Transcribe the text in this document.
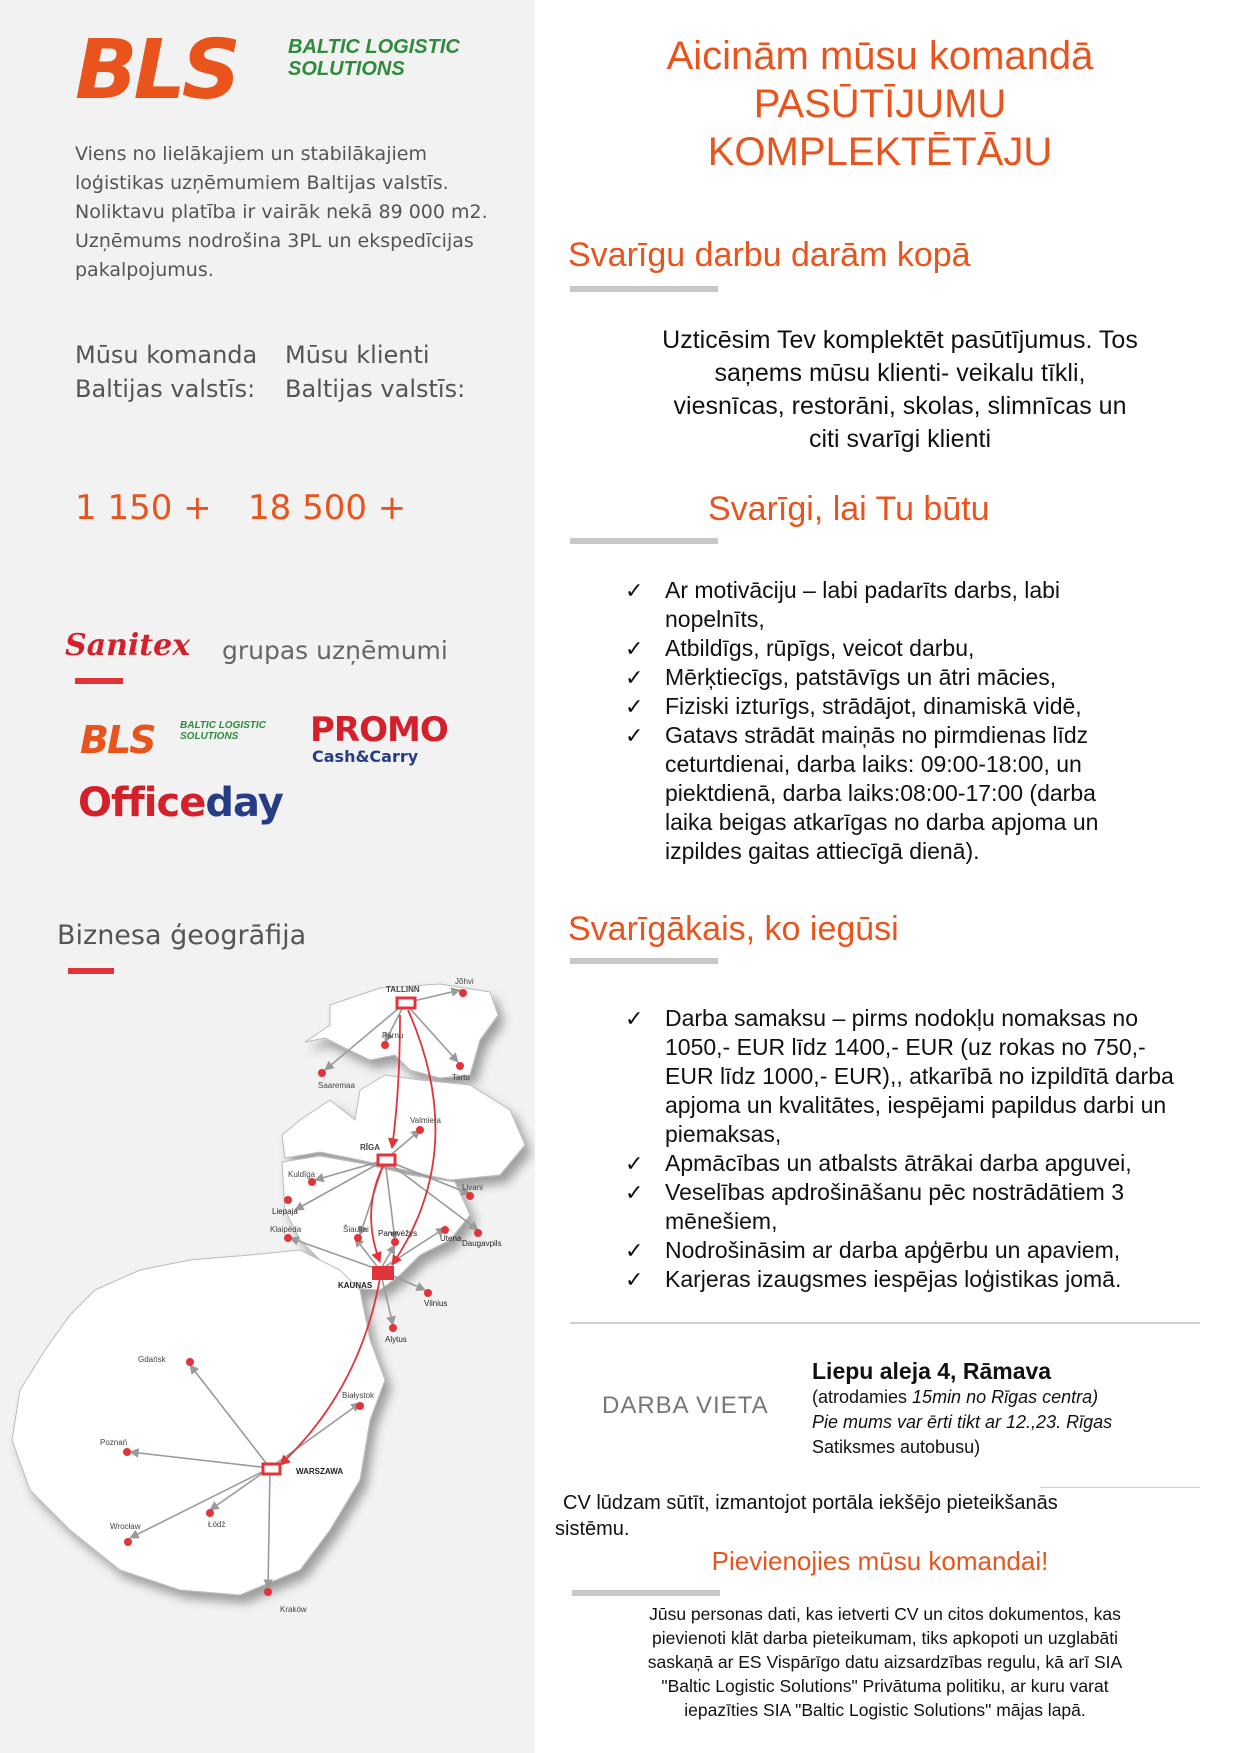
BLS	BALTIC LOGISTIC
SOLUTIONS
Viens no lielākajiem un stabilākajiem
loģistikas uzņēmumiem Baltijas valstīs.
Noliktavu platība ir vairāk nekā 89 000 m2.
Uzņēmums nodrošina 3PL un ekspedīcijas
pakalpojumus.
Mūsu komanda
Baltijas valstīs:
Mūsu klienti
Baltijas valstīs:
1 150 + 18 500 +
Sanitex grupas uzņēmumi
BLS	BALTIC LOGISTIC
SOLUTIONS	PROMO
Cash&Carry
Officeday
Biznesa ģeogrāfija
TALLINN
Jõhvi
Pärnu
Tartu
Saaremaa
Valmiera
RĪGA
Kuldīga
Liepaja
Livani
Daugavpils
Šiauliai Panevėžys
Klaipėda
Utena
KAUNAS
Vilnius
Alytus
Gdańsk
Białystok
Poznań
WARSZAWA
Wrocław	Łódź
Kraków
Aicinām mūsu komandā
PASŪTĪJUMU
KOMPLEKTĒTĀJU
Svarīgu darbu darām kopā
Uzticēsim Tev komplektēt pasūtījumus. Tos
saņems mūsu klienti- veikalu tīkli,
viesnīcas, restorāni, skolas, slimnīcas un
citi svarīgi klienti
Svarīgi, lai Tu būtu
✓ Ar motivāciju – labi padarīts darbs, labi nopelnīts,
✓ Atbildīgs, rūpīgs, veicot darbu,
✓ Mērķtiecīgs, patstāvīgs un ātri mācies,
✓ Fiziski izturīgs, strādājot, dinamiskā vidē,
✓ Gatavs strādāt maiņās no pirmdienas līdz ceturtdienai, darba laiks: 09:00-18:00, un piektdienā, darba laiks:08:00-17:00 (darba laika beigas atkarīgas no darba apjoma un izpildes gaitas attiecīgā dienā).
Svarīgākais, ko iegūsi
✓ Darba samaksu – pirms nodokļu nomaksas no 1050,- EUR līdz 1400,- EUR (uz rokas no 750,- EUR līdz 1000,- EUR),, atkarībā no izpildītā darba apjoma un kvalitātes, iespējami papildus darbi un piemaksas,
✓ Apmācības un atbalsts ātrākai darba apguvei,
✓ Veselības apdrošināšanu pēc nostrādātiem 3 mēnešiem,
✓ Nodrošināsim ar darba apģērbu un apaviem,
✓ Karjeras izaugsmes iespējas loģistikas jomā.
DARBA VIETA
Liepu aleja 4, Rāmava
(atrodamies 15min no Rīgas centra)
Pie mums var ērti tikt ar 12.,23. Rīgas
Satiksmes autobusu)
CV lūdzam sūtīt, izmantojot portāla iekšējo pieteikšanās
sistēmu.
Pievienojies mūsu komandai!
Jūsu personas dati, kas ietverti CV un citos dokumentos, kas
pievienoti klāt darba pieteikumam, tiks apkopoti un uzglabāti
saskaņā ar ES Vispārīgo datu aizsardzības regulu, kā arī SIA
"Baltic Logistic Solutions" Privātuma politiku, ar kuru varat
iepazīties SIA "Baltic Logistic Solutions" mājas lapā.
